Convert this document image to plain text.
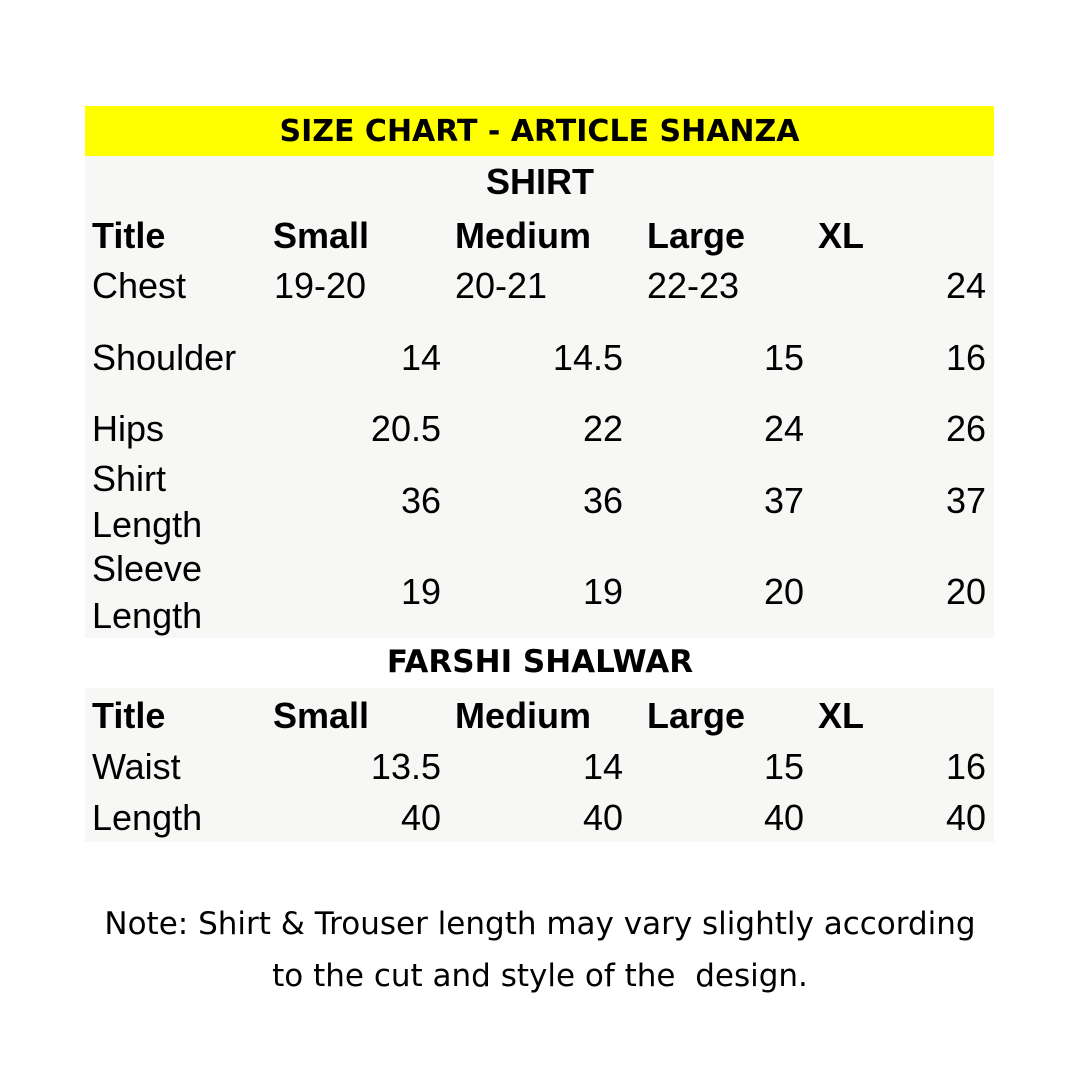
SIZE CHART - ARTICLE SHANZA
SHIRT
Title	Small Medium Large XL
Chest 19-20 20-21	22-23	24
Shoulder	14	14.5	15	16
Hips	20.5	22	24	26
Shirt
Length
36	36	37	37
Sleeve
Length
19	19	20	20
FARSHI SHALWAR
Title	Small Medium Large XL
Waist	13.5	14	15	16
Length	40	40	40	40
Note: Shirt & Trouser length may vary slightly according
to the cut and style of the  design.
